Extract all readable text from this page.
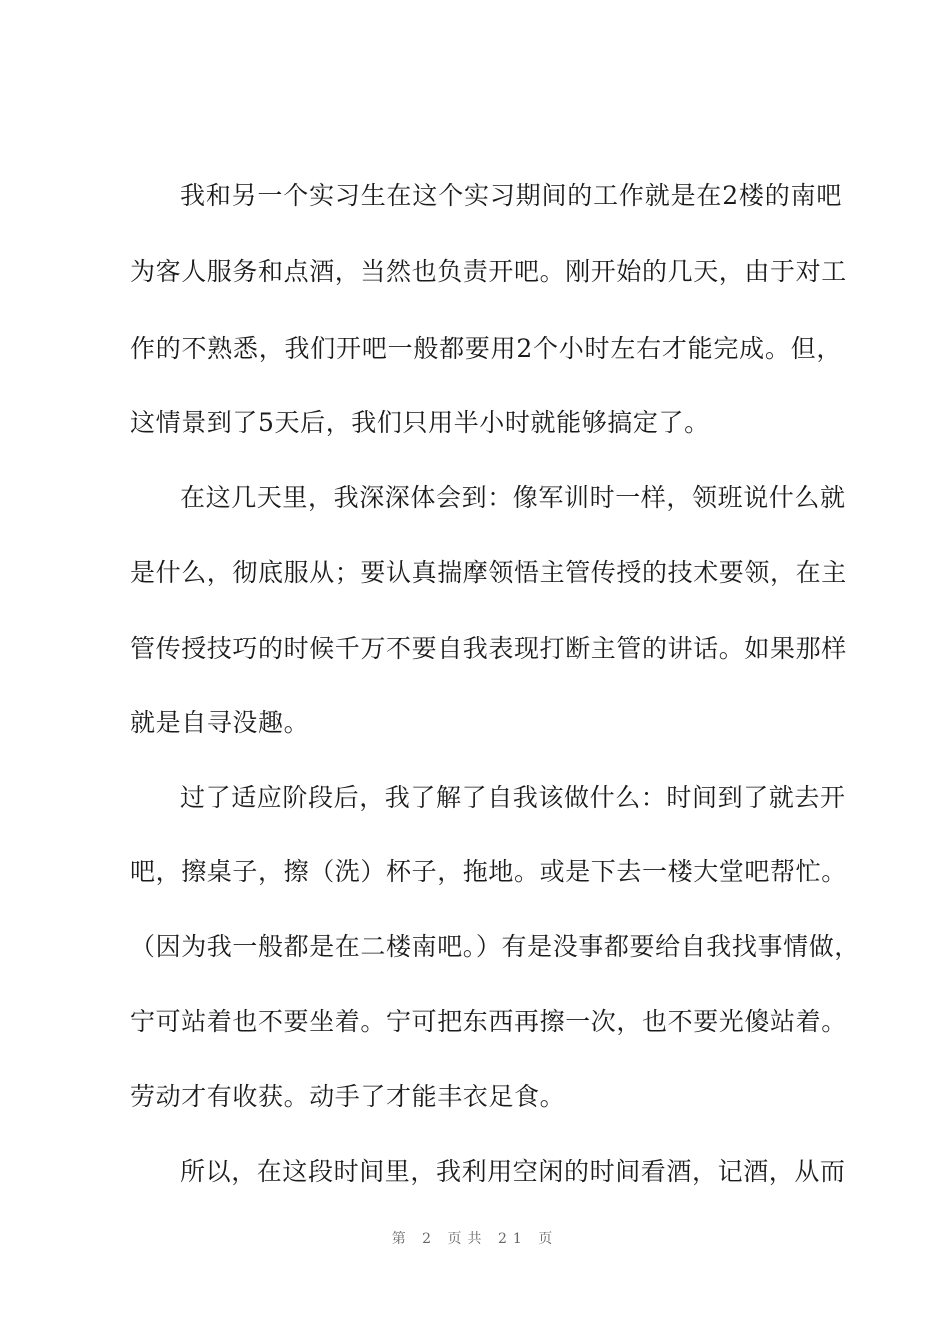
我和另一个实习生在这个实习期间的工作就是在2楼的南吧
为客人服务和点酒，当然也负责开吧。刚开始的几天，由于对工
作的不熟悉，我们开吧一般都要用2个小时左右才能完成。但，
这情景到了5天后，我们只用半小时就能够搞定了。
在这几天里，我深深体会到：像军训时一样，领班说什么就
是什么，彻底服从；要认真揣摩领悟主管传授的技术要领，在主
管传授技巧的时候千万不要自我表现打断主管的讲话。如果那样
就是自寻没趣。
过了适应阶段后，我了解了自我该做什么：时间到了就去开
吧，擦桌子，擦（洗）杯子，拖地。或是下去一楼大堂吧帮忙。
（因为我一般都是在二楼南吧。）有是没事都要给自我找事情做，
宁可站着也不要坐着。宁可把东西再擦一次，也不要光傻站着。
劳动才有收获。动手了才能丰衣足食。
所以，在这段时间里，我利用空闲的时间看酒，记酒，从而
第 2 页共 21 页
